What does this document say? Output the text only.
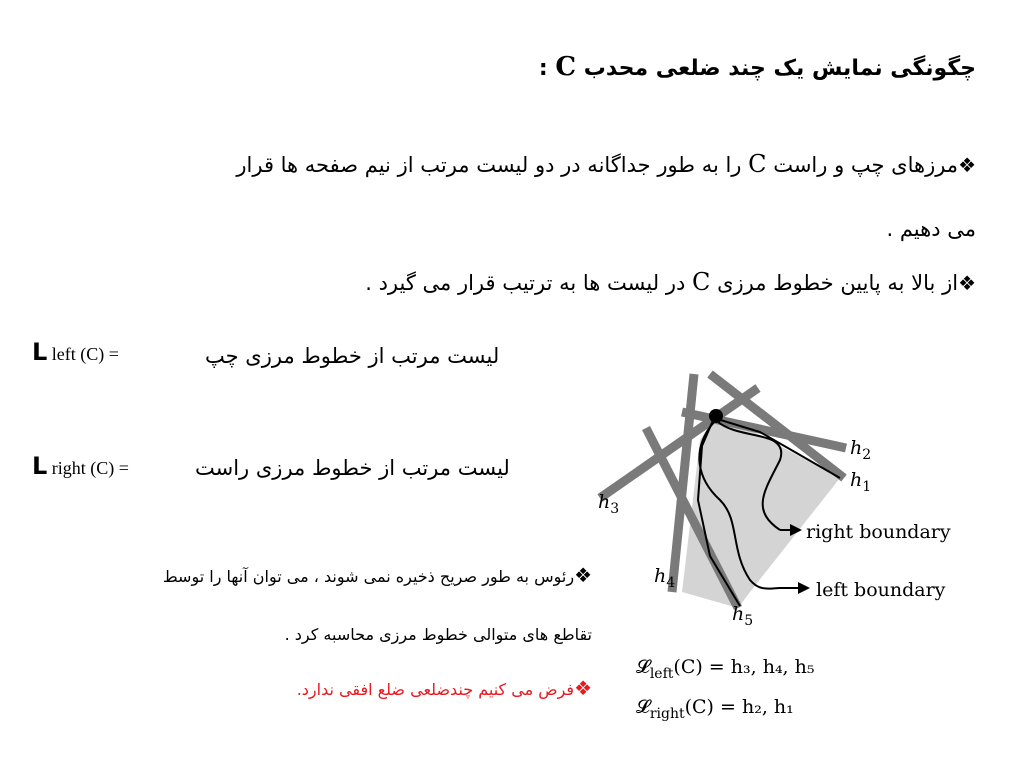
چگونگی نمایش یک چند ضلعی محدب C :
❖مرزهای چپ و راست C را به طور جداگانه در دو لیست مرتب از نیم صفحه ها قرار
می دهیم .
❖از بالا به پایین خطوط مرزی C در لیست ها به ترتیب قرار می گیرد .
L left (C) =	لیست مرتب از خطوط مرزی چپ
L right (C) =	لیست مرتب از خطوط مرزی راست
❖رئوس به طور صریح ذخیره نمی شوند ، می توان آنها را توسط
تقاطع های متوالی خطوط مرزی محاسبه کرد .
❖فرض می کنیم چندضلعی ضلع افقی ندارد.
$h_2$
$h_1$
$h_3$
$h_4$
$h_5$
right boundary
left boundary
𝓛$_{left}$(C) = h₃, h₄, h₅
𝓛$_{right}$(C) = h₂, h₁
